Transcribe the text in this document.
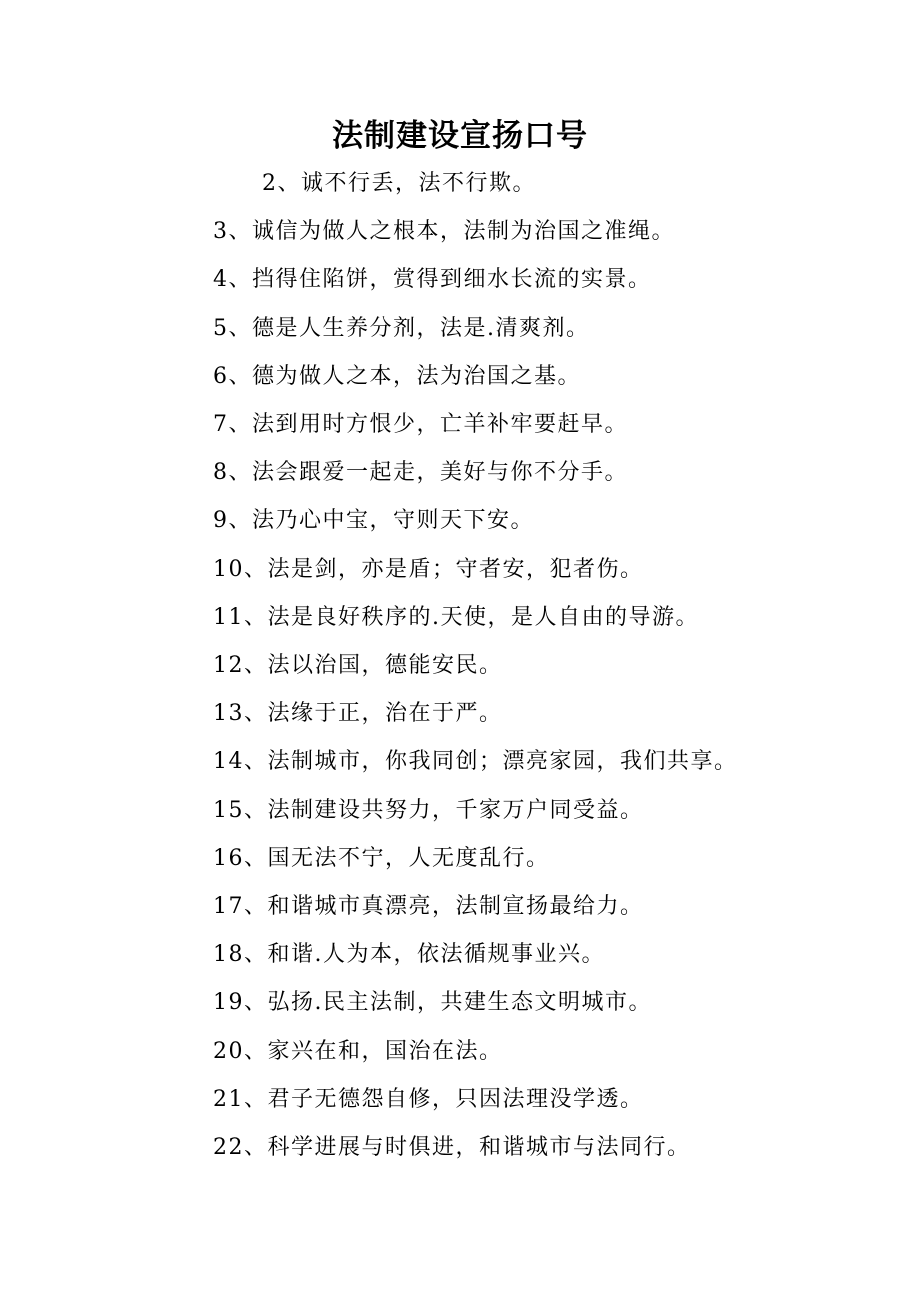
法制建设宣扬口号
2、诚不行丢，法不行欺。
3、诚信为做人之根本，法制为治国之准绳。
4、挡得住陷饼，赏得到细水长流的实景。
5、德是人生养分剂，法是.清爽剂。
6、德为做人之本，法为治国之基。
7、法到用时方恨少，亡羊补牢要赶早。
8、法会跟爱一起走，美好与你不分手。
9、法乃心中宝，守则天下安。
10、法是剑，亦是盾；守者安，犯者伤。
11、法是良好秩序的.天使，是人自由的导游。
12、法以治国，德能安民。
13、法缘于正，治在于严。
14、法制城市，你我同创；漂亮家园，我们共享。
15、法制建设共努力，千家万户同受益。
16、国无法不宁，人无度乱行。
17、和谐城市真漂亮，法制宣扬最给力。
18、和谐.人为本，依法循规事业兴。
19、弘扬.民主法制，共建生态文明城市。
20、家兴在和，国治在法。
21、君子无德怨自修，只因法理没学透。
22、科学进展与时俱进，和谐城市与法同行。
